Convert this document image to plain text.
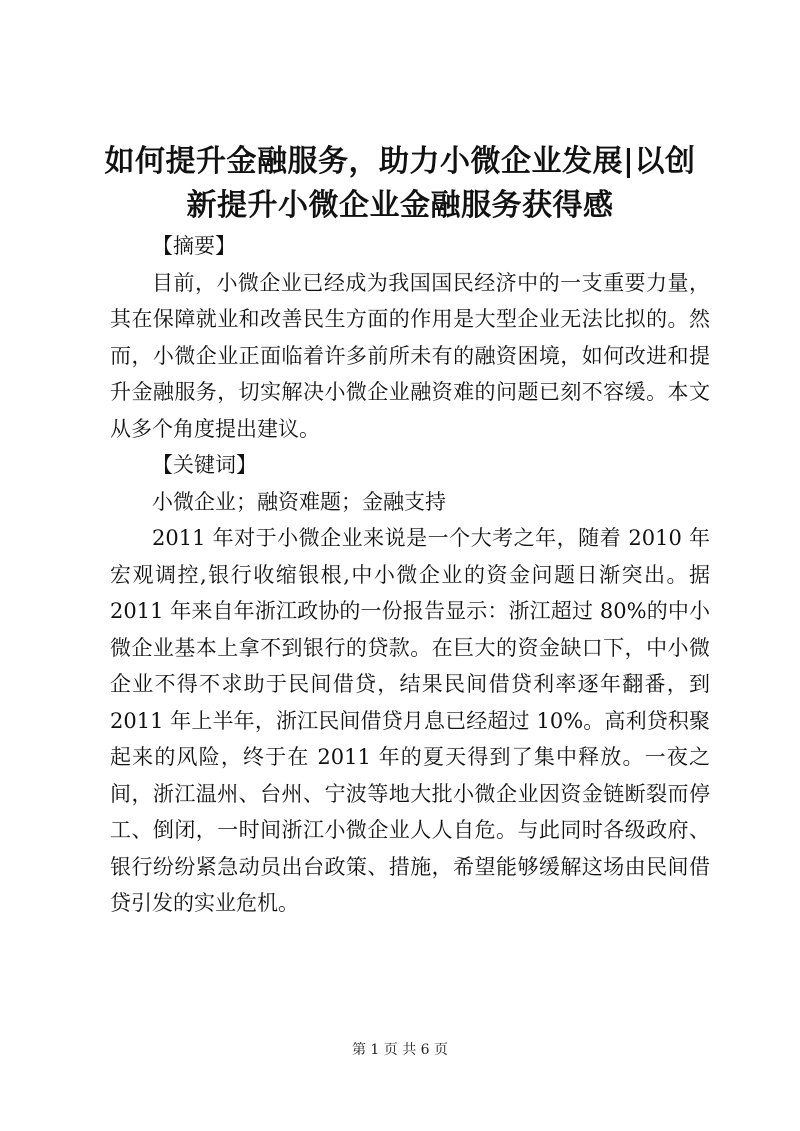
如何提升金融服务，助力小微企业发展|以创
新提升小微企业金融服务获得感

【摘要】

目前，小微企业已经成为我国国民经济中的一支重要力量，其在保障就业和改善民生方面的作用是大型企业无法比拟的。然而，小微企业正面临着许多前所未有的融资困境，如何改进和提升金融服务，切实解决小微企业融资难的问题已刻不容缓。本文从多个角度提出建议。

【关键词】

小微企业；融资难题；金融支持

2011 年对于小微企业来说是一个大考之年，随着 2010 年宏观调控,银行收缩银根,中小微企业的资金问题日渐突出。据 2011 年来自年浙江政协的一份报告显示：浙江超过 80%的中小微企业基本上拿不到银行的贷款。在巨大的资金缺口下，中小微企业不得不求助于民间借贷，结果民间借贷利率逐年翻番，到 2011 年上半年，浙江民间借贷月息已经超过 10%。高利贷积聚起来的风险，终于在 2011 年的夏天得到了集中释放。一夜之间，浙江温州、台州、宁波等地大批小微企业因资金链断裂而停工、倒闭，一时间浙江小微企业人人自危。与此同时各级政府、银行纷纷紧急动员出台政策、措施，希望能够缓解这场由民间借贷引发的实业危机。

第 1 页 共 6 页
